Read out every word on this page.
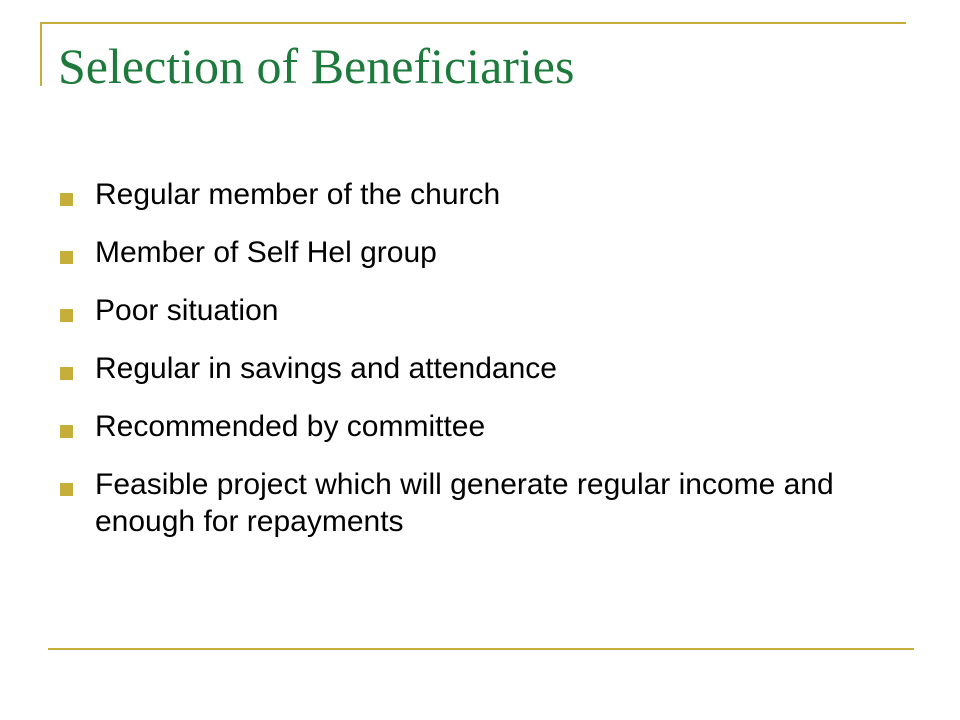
Selection of Beneficiaries
Regular member of the church
Member of Self Hel group
Poor situation
Regular in savings and attendance
Recommended by committee
Feasible project which will generate regular income and enough for repayments
